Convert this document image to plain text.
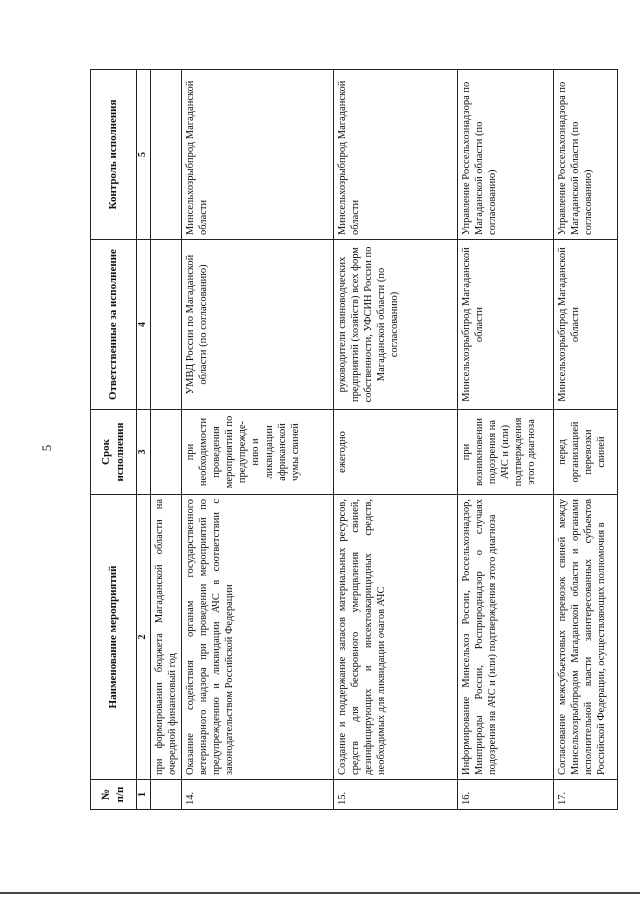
5
№ п/п	Наименование мероприятий	Срок исполнения	Ответственные за исполнение	Контроль исполнения
1	2	3	4	5
	при формировании бюджета Магаданской области на очередной финансовый год			
14.	Оказание содействия органам государственного ветеринарного надзора при проведении мероприятий по предупреждению и ликвидации АЧС в соответствии с законодательством Российской Федерации	при необходимости проведения мероприятий по предупрежде-нию и ликвидации африканской чумы свиней	УМВД России по Магаданской области (по согласованию)	Минсельхозрыбпрод Магаданской области
15.	Создание и поддержание запасов материальных ресурсов, средств для бескровного умерщвления свиней, дезинфицирующих и инсектоакарицидных средств, необходимых для ликвидации очагов АЧС	ежегодно	руководители свиноводческих предприятий (хозяйств) всех форм собственности, УФСИН России по Магаданской области (по согласованию)	Минсельхозрыбпрод Магаданской области
16.	Информирование Минсельхоз России, Россельхознадзор, Минприроды России, Росприроднадзор о случаях подозрения на АЧС и (или) подтверждения этого диагноза	при возникновении подозрения на АЧС и (или) подтверждения этого диагноза	Минсельхозрыбпрод Магаданской области	Управление Россельхознадзора по Магаданской области (по согласованию)
17.	Согласование межсубъектовых перевозок свиней между Минсельхозрыбпродом Магаданской области и органами исполнительной власти заинтересованных субъектов Российской Федерации, осуществляющих полномочия в	перед организацией перевозки свиней	Минсельхозрыбпрод Магаданской области	Управление Россельхознадзора по Магаданской области (по согласованию)
